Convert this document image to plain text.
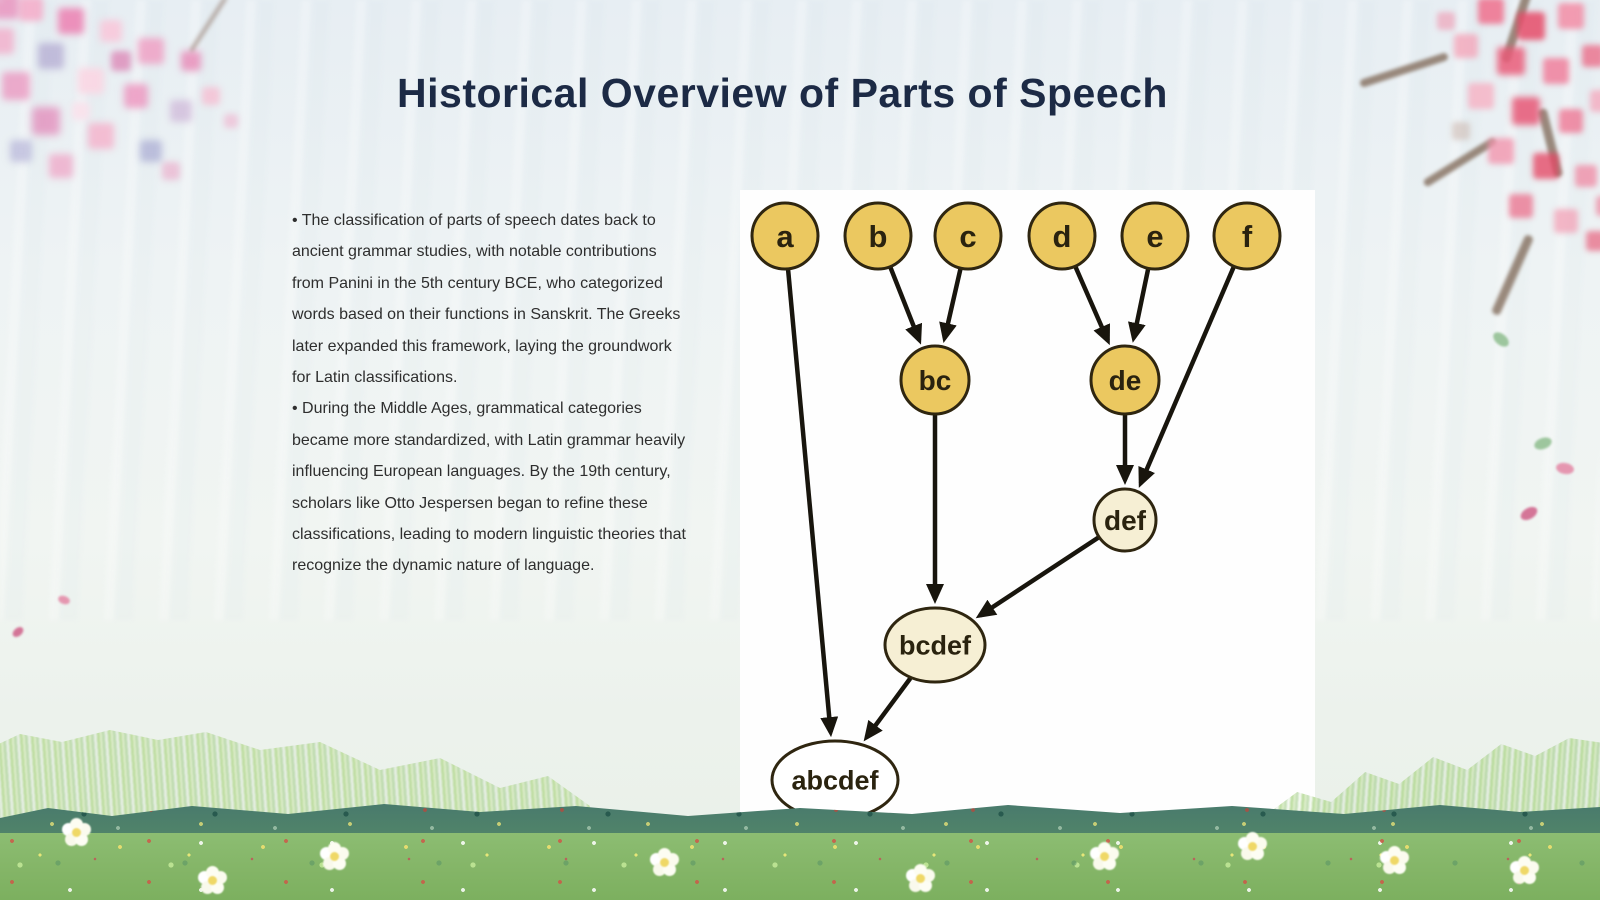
Historical Overview of Parts of Speech

• The classification of parts of speech dates back to ancient grammar studies, with notable contributions from Panini in the 5th century BCE, who categorized words based on their functions in Sanskrit. The Greeks later expanded this framework, laying the groundwork for Latin classifications.

• During the Middle Ages, grammatical categories became more standardized, with Latin grammar heavily influencing European languages. By the 19th century, scholars like Otto Jespersen began to refine these classifications, leading to modern linguistic theories that recognize the dynamic nature of language.

a b c d e	f
bc	de
def
bcdef
abcdef
